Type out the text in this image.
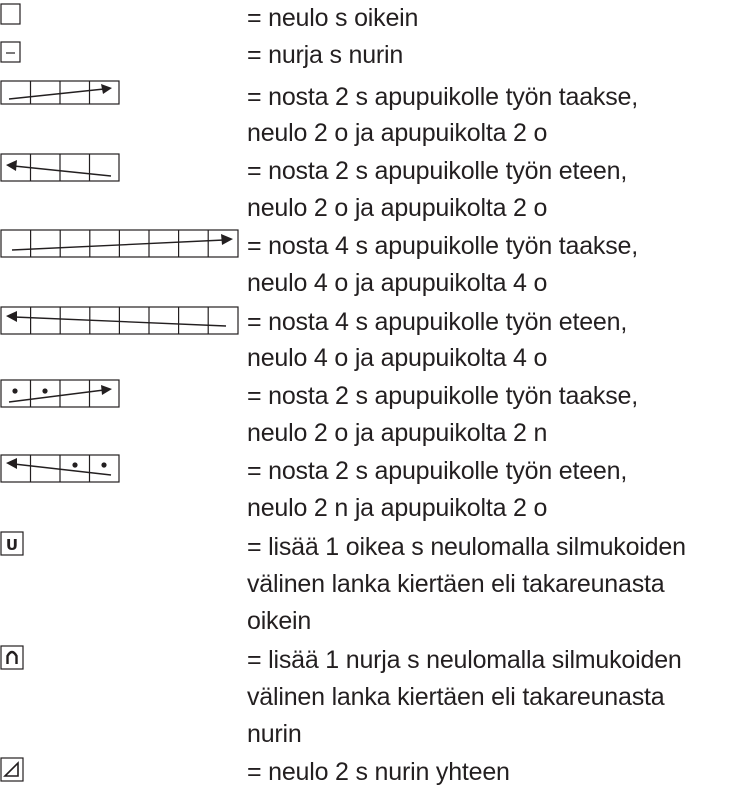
U
= neulo s oikein
= nurja s nurin
= nosta 2 s apupuikolle työn taakse,
neulo 2 o ja apupuikolta 2 o
= nosta 2 s apupuikolle työn eteen,
neulo 2 o ja apupuikolta 2 o
= nosta 4 s apupuikolle työn taakse,
neulo 4 o ja apupuikolta 4 o
= nosta 4 s apupuikolle työn eteen,
neulo 4 o ja apupuikolta 4 o
= nosta 2 s apupuikolle työn taakse,
neulo 2 o ja apupuikolta 2 n
= nosta 2 s apupuikolle työn eteen,
neulo 2 n ja apupuikolta 2 o
= lisää 1 oikea s neulomalla silmukoiden
välinen lanka kiertäen eli takareunasta
oikein
= lisää 1 nurja s neulomalla silmukoiden
välinen lanka kiertäen eli takareunasta
nurin
= neulo 2 s nurin yhteen
